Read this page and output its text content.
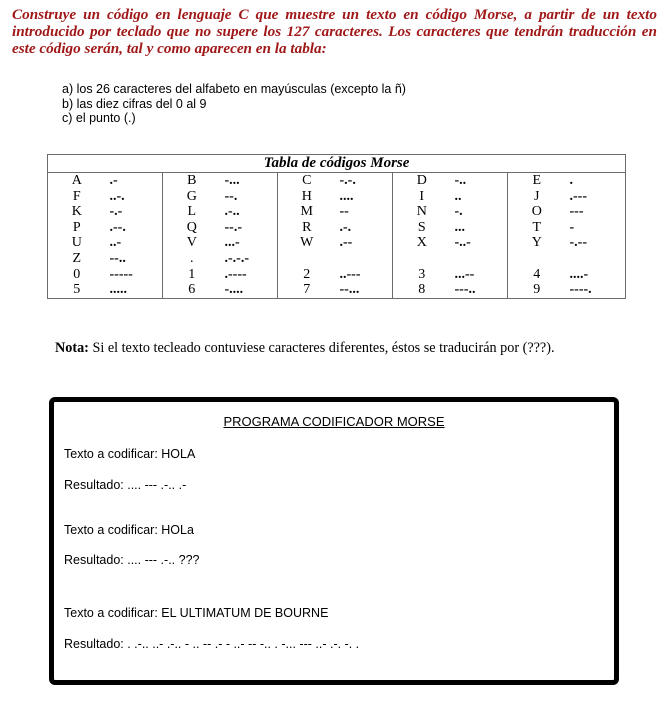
Construye un código en lenguaje C que muestre un texto en código Morse, a partir de un texto introducido por teclado que no supere los 127 caracteres. Los caracteres que tendrán traducción en este código serán, tal y como aparecen en la tabla:

a) los 26 caracteres del alfabeto en mayúsculas (excepto la ñ)
b) las diez cifras del 0 al 9
c) el punto (.)
Tabla de códigos Morse									
A	.-	B	-...	C	-.-.	D	-..	E	.
F	..-.	G	--.	H	....	I	..	J	.---
K	-.-	L	.-..	M	--	N	-.	O	---
P	.--.	Q	--.-	R	.-.	S	...	T	-
U	..-	V	...-	W	.--	X	-..-	Y	-.--
Z	--..	.	.-.-.-						
0	-----	1	.----	2	..---	3	...--	4	....-
5	.....	6	-....	7	--...	8	---..	9	----.

Nota: Si el texto tecleado contuviese caracteres diferentes, éstos se traducirán por (???).

PROGRAMA CODIFICADOR MORSE
Texto a codificar: HOLA
Resultado: .... --- .-.. .-
Texto a codificar: HOLa
Resultado: .... --- .-.. ???
Texto a codificar: EL ULTIMATUM DE BOURNE
Resultado: . .-.. ..- .-.. - .. -- .- - ..- -- -.. . -... --- ..- .-. -. .
